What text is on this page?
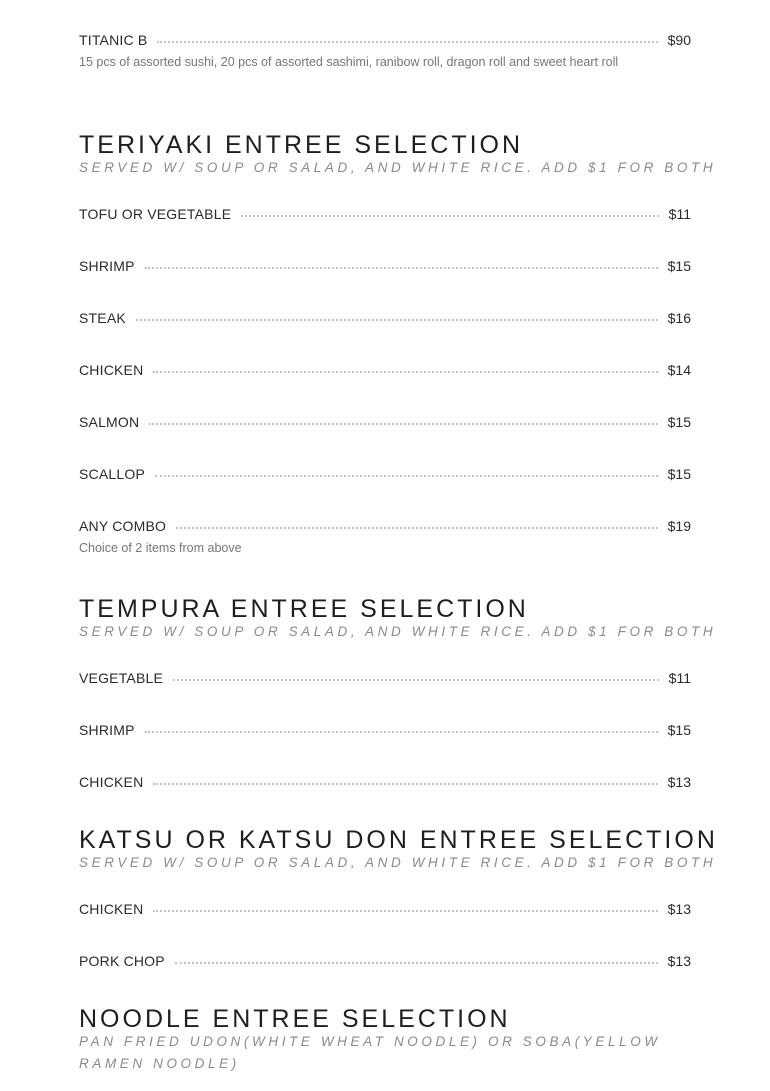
TITANIC B	$90
15 pcs of assorted sushi, 20 pcs of assorted sashimi, ranibow roll, dragon roll and sweet heart roll
TERIYAKI ENTREE SELECTION
SERVED W/ SOUP OR SALAD, AND WHITE RICE. ADD $1 FOR BOTH
TOFU OR VEGETABLE	$11
SHRIMP	$15
STEAK	$16
CHICKEN	$14
SALMON	$15
SCALLOP	$15
ANY COMBO	$19
Choice of 2 items from above
TEMPURA ENTREE SELECTION
SERVED W/ SOUP OR SALAD, AND WHITE RICE. ADD $1 FOR BOTH
VEGETABLE	$11
SHRIMP	$15
CHICKEN	$13
KATSU OR KATSU DON ENTREE SELECTION
SERVED W/ SOUP OR SALAD, AND WHITE RICE. ADD $1 FOR BOTH
CHICKEN	$13
PORK CHOP	$13
NOODLE ENTREE SELECTION
PAN FRIED UDON(WHITE WHEAT NOODLE) OR SOBA(YELLOW RAMEN NOODLE)
